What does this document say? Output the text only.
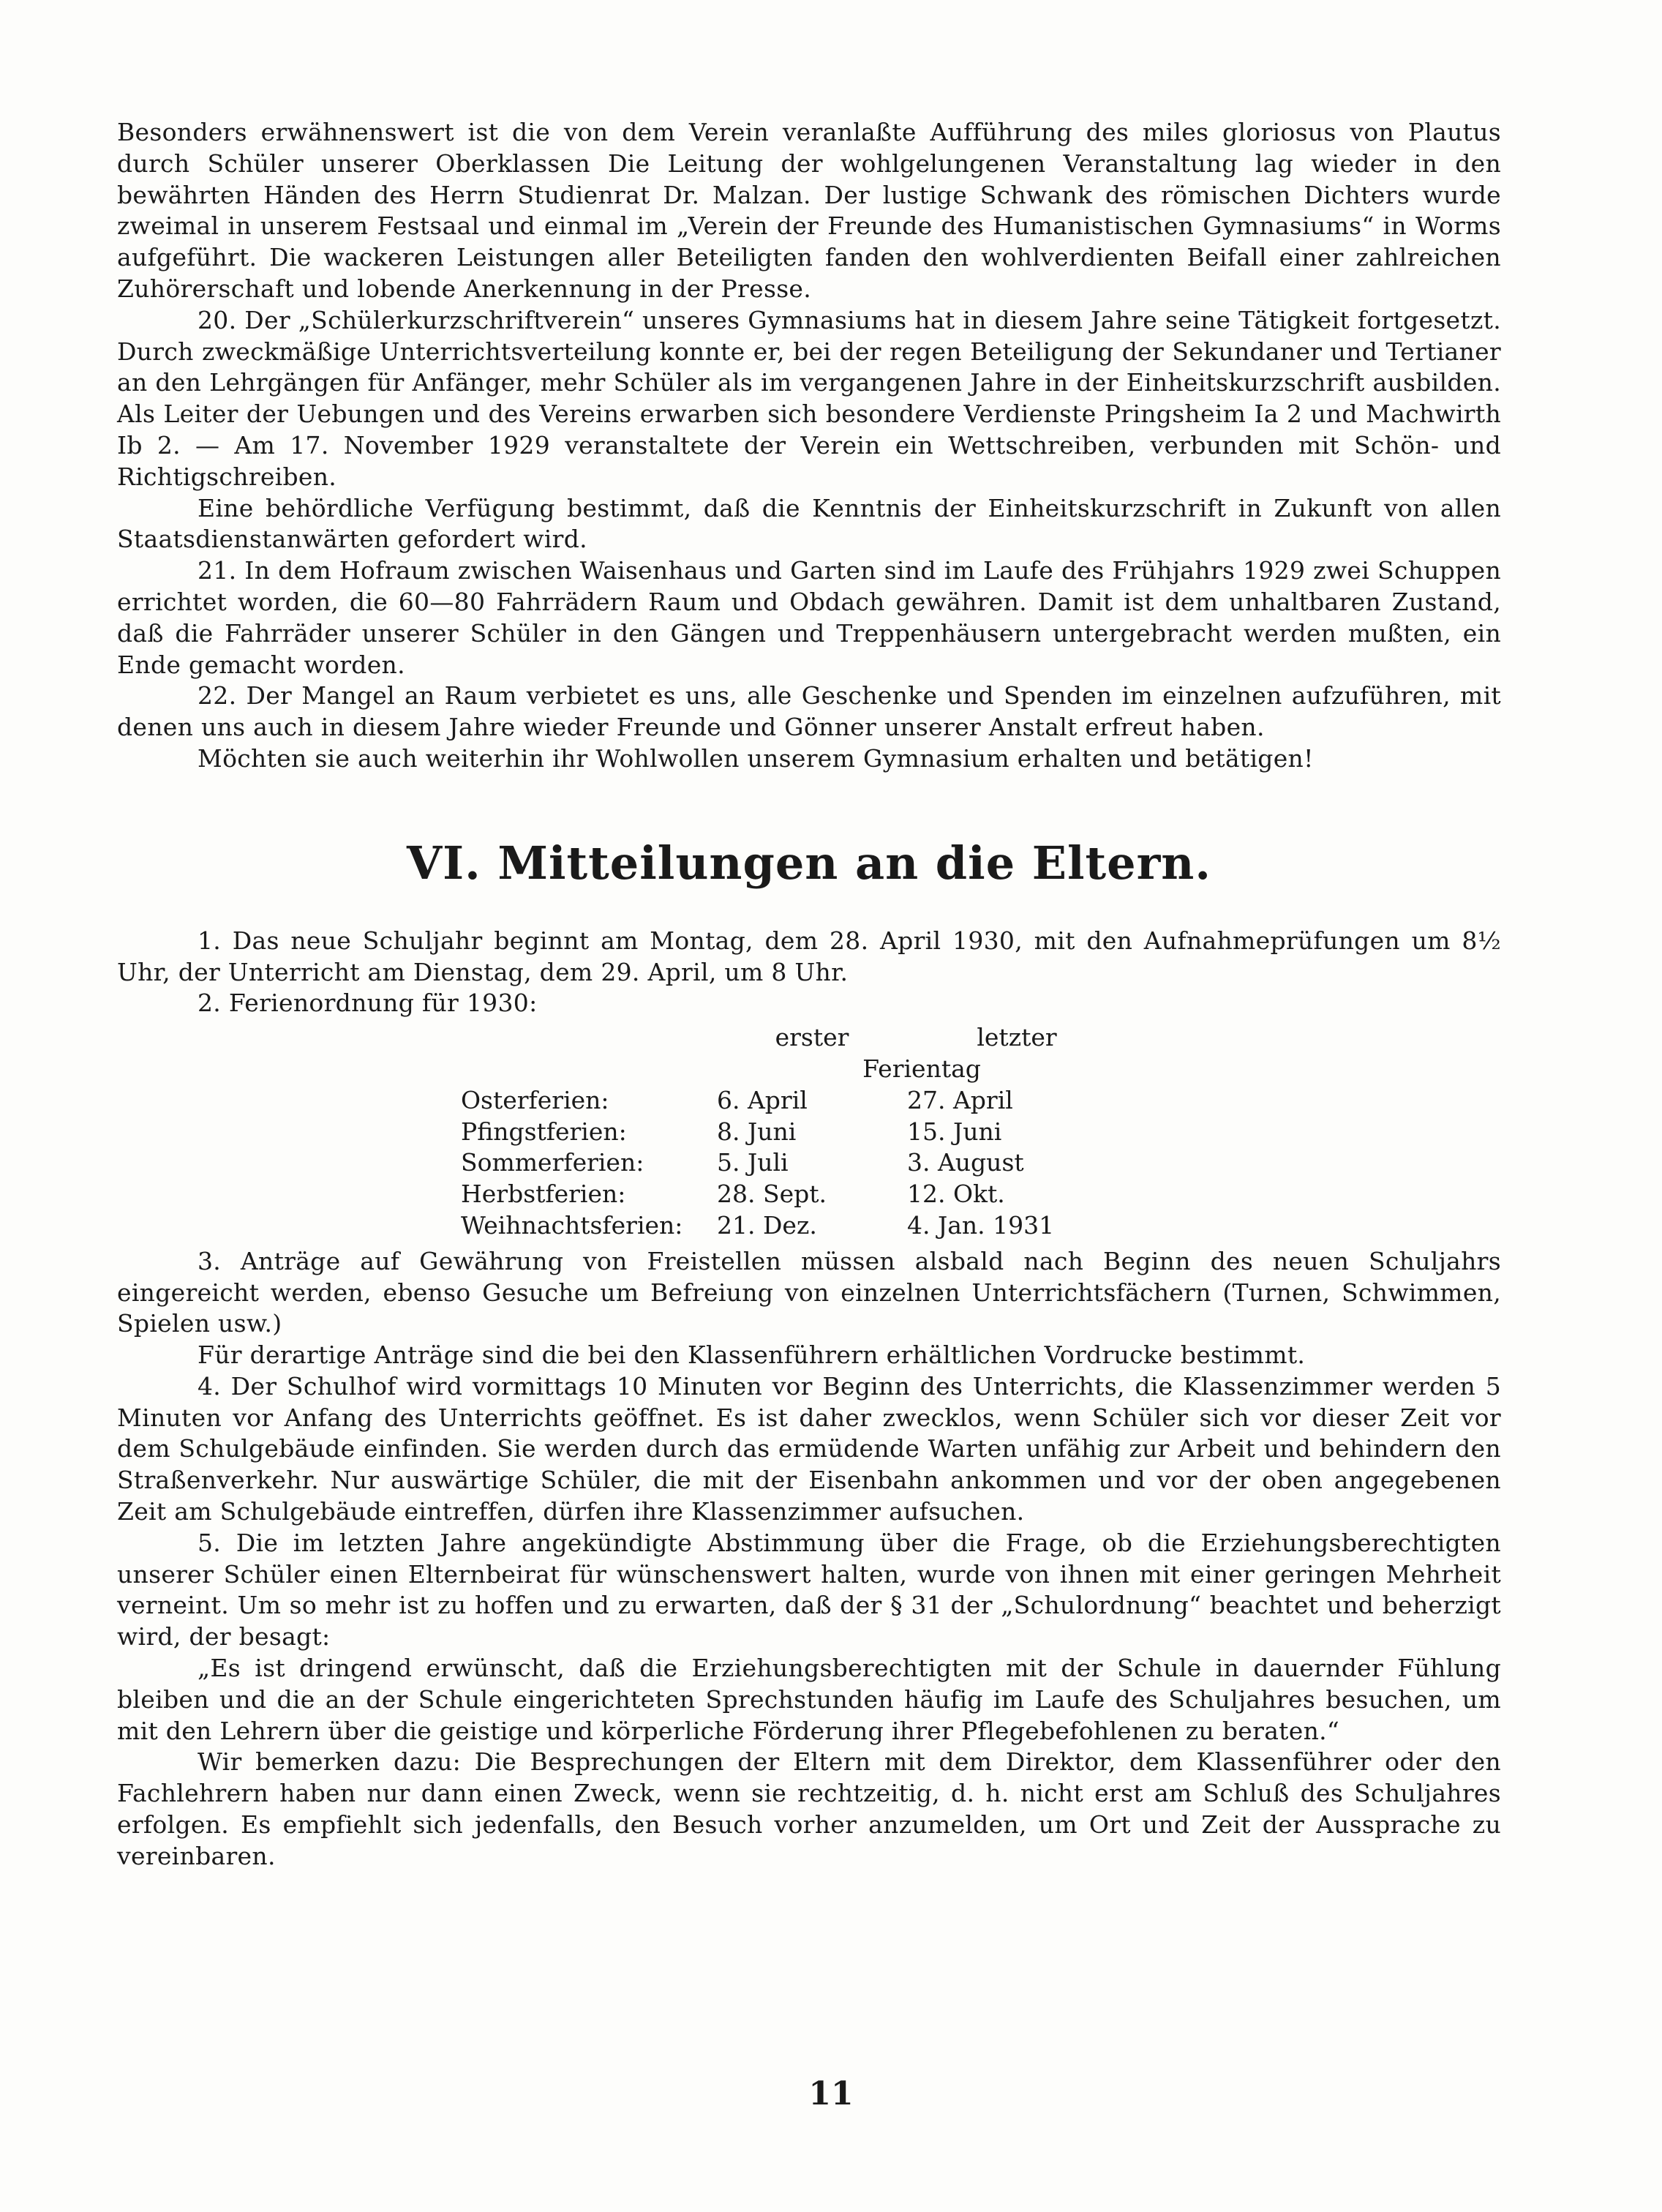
Besonders erwähnenswert ist die von dem Verein veranlaßte Aufführung des miles gloriosus von Plautus durch Schüler unserer Oberklassen Die Leitung der wohlgelungenen Veranstaltung lag wieder in den bewährten Händen des Herrn Studienrat Dr. Malzan. Der lustige Schwank des römischen Dichters wurde zweimal in unserem Festsaal und einmal im „Verein der Freunde des Humanistischen Gymnasiums“ in Worms aufgeführt. Die wackeren Leistungen aller Beteiligten fanden den wohlverdienten Beifall einer zahlreichen Zuhörerschaft und lobende Anerkennung in der Presse.

20. Der „Schülerkurzschriftverein“ unseres Gymnasiums hat in diesem Jahre seine Tätigkeit fortgesetzt. Durch zweckmäßige Unterrichtsverteilung konnte er, bei der regen Beteiligung der Sekundaner und Tertianer an den Lehrgängen für Anfänger, mehr Schüler als im vergangenen Jahre in der Einheitskurzschrift ausbilden. Als Leiter der Uebungen und des Vereins erwarben sich besondere Verdienste Pringsheim Ia 2 und Machwirth Ib 2. — Am 17. November 1929 veranstaltete der Verein ein Wettschreiben, verbunden mit Schön- und Richtigschreiben.

Eine behördliche Verfügung bestimmt, daß die Kenntnis der Einheitskurzschrift in Zukunft von allen Staatsdienstanwärten gefordert wird.

21. In dem Hofraum zwischen Waisenhaus und Garten sind im Laufe des Frühjahrs 1929 zwei Schuppen errichtet worden, die 60—80 Fahrrädern Raum und Obdach gewähren. Damit ist dem unhaltbaren Zustand, daß die Fahrräder unserer Schüler in den Gängen und Treppenhäusern untergebracht werden mußten, ein Ende gemacht worden.

22. Der Mangel an Raum verbietet es uns, alle Geschenke und Spenden im einzelnen aufzuführen, mit denen uns auch in diesem Jahre wieder Freunde und Gönner unserer Anstalt erfreut haben.

Möchten sie auch weiterhin ihr Wohlwollen unserem Gymnasium erhalten und betätigen!

VI. Mitteilungen an die Eltern.

1. Das neue Schuljahr beginnt am Montag, dem 28. April 1930, mit den Aufnahmeprüfungen um 8½ Uhr, der Unterricht am Dienstag, dem 29. April, um 8 Uhr.

2. Ferienordnung für 1930:

	erster	letzter
	Ferientag	
Osterferien:	6. April	27. April
Pfingstferien:	8. Juni	15. Juni
Sommerferien:	5. Juli	3. August
Herbstferien:	28. Sept.	12. Okt.
Weihnachtsferien:	21. Dez.	4. Jan. 1931

3. Anträge auf Gewährung von Freistellen müssen alsbald nach Beginn des neuen Schuljahrs eingereicht werden, ebenso Gesuche um Befreiung von einzelnen Unterrichtsfächern (Turnen, Schwimmen, Spielen usw.)

Für derartige Anträge sind die bei den Klassenführern erhältlichen Vordrucke bestimmt.

4. Der Schulhof wird vormittags 10 Minuten vor Beginn des Unterrichts, die Klassenzimmer werden 5 Minuten vor Anfang des Unterrichts geöffnet. Es ist daher zwecklos, wenn Schüler sich vor dieser Zeit vor dem Schulgebäude einfinden. Sie werden durch das ermüdende Warten unfähig zur Arbeit und behindern den Straßenverkehr. Nur auswärtige Schüler, die mit der Eisenbahn ankommen und vor der oben angegebenen Zeit am Schulgebäude eintreffen, dürfen ihre Klassenzimmer aufsuchen.

5. Die im letzten Jahre angekündigte Abstimmung über die Frage, ob die Erziehungsberechtigten unserer Schüler einen Elternbeirat für wünschenswert halten, wurde von ihnen mit einer geringen Mehrheit verneint. Um so mehr ist zu hoffen und zu erwarten, daß der § 31 der „Schulordnung“ beachtet und beherzigt wird, der besagt:

„Es ist dringend erwünscht, daß die Erziehungsberechtigten mit der Schule in dauernder Fühlung bleiben und die an der Schule eingerichteten Sprechstunden häufig im Laufe des Schuljahres besuchen, um mit den Lehrern über die geistige und körperliche Förderung ihrer Pflegebefohlenen zu beraten.“

Wir bemerken dazu: Die Besprechungen der Eltern mit dem Direktor, dem Klassenführer oder den Fachlehrern haben nur dann einen Zweck, wenn sie rechtzeitig, d. h. nicht erst am Schluß des Schuljahres erfolgen. Es empfiehlt sich jedenfalls, den Besuch vorher anzumelden, um Ort und Zeit der Aussprache zu vereinbaren.

11
